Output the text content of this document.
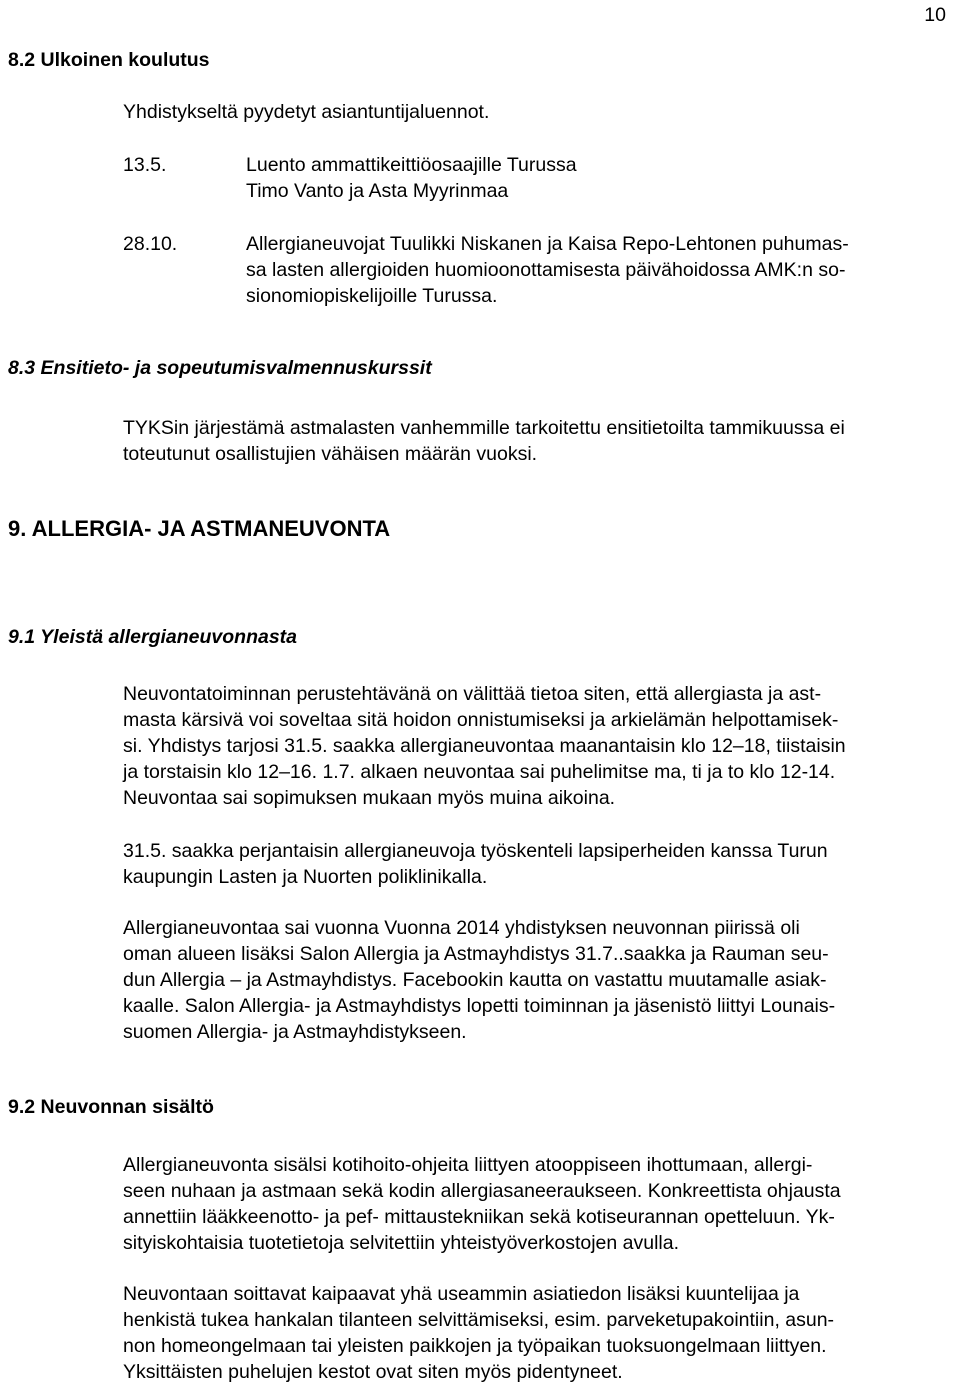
10
8.2 Ulkoinen koulutus
Yhdistykseltä pyydetyt asiantuntijaluennot.
13.5.	Luento ammattikeittiöosaajille Turussa
Timo Vanto ja Asta Myyrinmaa
28.10.	Allergianeuvojat Tuulikki Niskanen ja Kaisa Repo-Lehtonen puhumas-
sa lasten allergioiden huomioonottamisesta päivähoidossa AMK:n so-
sionomiopiskelijoille Turussa.
8.3 Ensitieto- ja sopeutumisvalmennuskurssit
TYKSin järjestämä astmalasten vanhemmille tarkoitettu ensitietoilta tammikuussa ei
toteutunut osallistujien vähäisen määrän vuoksi.
9. ALLERGIA- JA ASTMANEUVONTA
9.1 Yleistä allergianeuvonnasta
Neuvontatoiminnan perustehtävänä on välittää tietoa siten, että allergiasta ja ast-
masta kärsivä voi soveltaa sitä hoidon onnistumiseksi ja arkielämän helpottamisek-
si. Yhdistys tarjosi 31.5. saakka allergianeuvontaa maanantaisin klo 12–18, tiistaisin
ja torstaisin klo 12–16. 1.7. alkaen neuvontaa sai puhelimitse ma, ti ja to klo 12-14.
Neuvontaa sai sopimuksen mukaan myös muina aikoina.
31.5. saakka perjantaisin allergianeuvoja työskenteli lapsiperheiden kanssa Turun
kaupungin Lasten ja Nuorten poliklinikalla.
Allergianeuvontaa sai vuonna Vuonna 2014 yhdistyksen neuvonnan piirissä oli
oman alueen lisäksi Salon Allergia ja Astmayhdistys 31.7..saakka ja Rauman seu-
dun Allergia – ja Astmayhdistys. Facebookin kautta on vastattu muutamalle asiak-
kaalle. Salon Allergia- ja Astmayhdistys lopetti toiminnan ja jäsenistö liittyi Lounais-
suomen Allergia- ja Astmayhdistykseen.
9.2 Neuvonnan sisältö
Allergianeuvonta sisälsi kotihoito-ohjeita liittyen atooppiseen ihottumaan, allergi-
seen nuhaan ja astmaan sekä kodin allergiasaneeraukseen. Konkreettista ohjausta
annettiin lääkkeenotto- ja pef- mittaustekniikan sekä kotiseurannan opetteluun. Yk-
sityiskohtaisia tuotetietoja selvitettiin yhteistyöverkostojen avulla.
Neuvontaan soittavat kaipaavat yhä useammin asiatiedon lisäksi kuuntelijaa ja
henkistä tukea hankalan tilanteen selvittämiseksi, esim. parveketupakointiin, asun-
non homeongelmaan tai yleisten paikkojen ja työpaikan tuoksuongelmaan liittyen.
Yksittäisten puhelujen kestot ovat siten myös pidentyneet.
